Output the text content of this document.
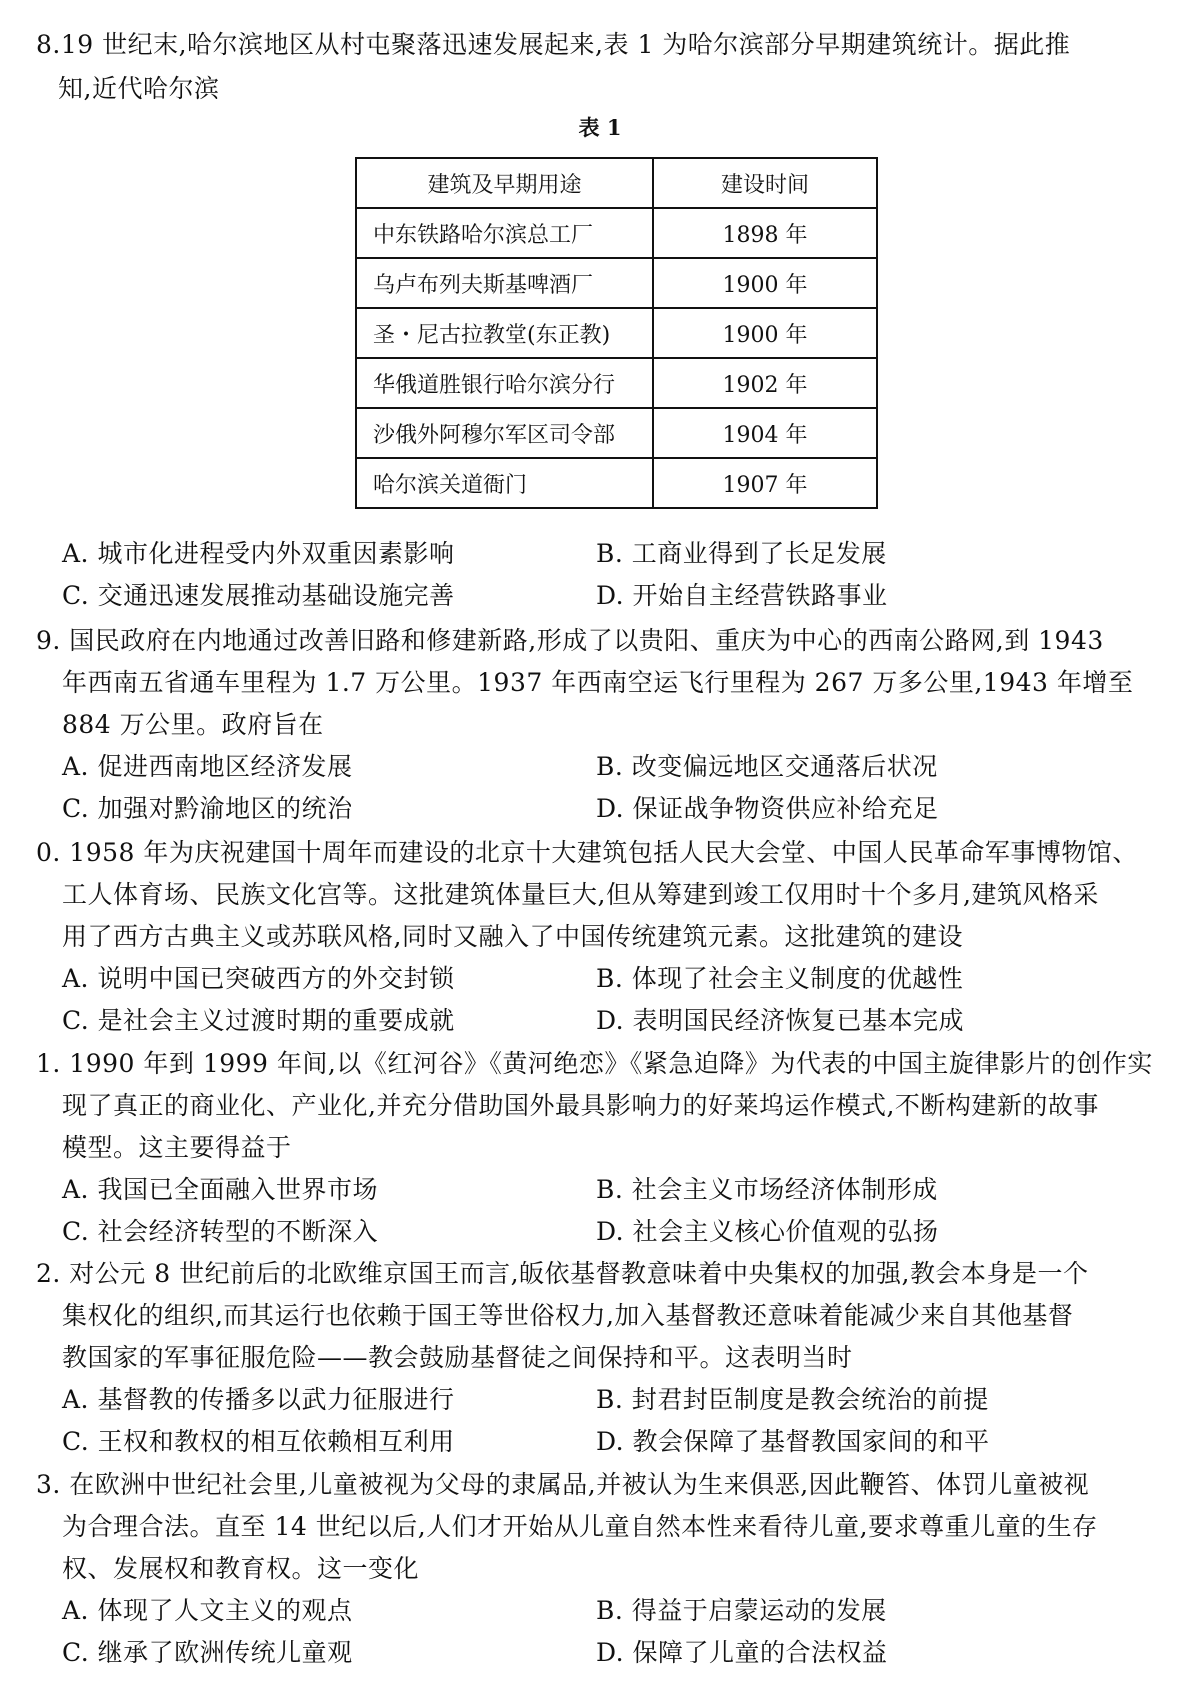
8.19 世纪末,哈尔滨地区从村屯聚落迅速发展起来,表 1 为哈尔滨部分早期建筑统计。据此推
知,近代哈尔滨
表 1
建筑及早期用途	建设时间
中东铁路哈尔滨总工厂	1898 年
乌卢布列夫斯基啤酒厂	1900 年
圣・尼古拉教堂(东正教)	1900 年
华俄道胜银行哈尔滨分行	1902 年
沙俄外阿穆尔军区司令部	1904 年
哈尔滨关道衙门	1907 年
A. 城市化进程受内外双重因素影响	B. 工商业得到了长足发展
C. 交通迅速发展推动基础设施完善	D. 开始自主经营铁路事业
9. 国民政府在内地通过改善旧路和修建新路,形成了以贵阳、重庆为中心的西南公路网,到 1943
年西南五省通车里程为 1.7 万公里。1937 年西南空运飞行里程为 267 万多公里,1943 年增至
884 万公里。政府旨在
A. 促进西南地区经济发展	B. 改变偏远地区交通落后状况
C. 加强对黔渝地区的统治	D. 保证战争物资供应补给充足
0. 1958 年为庆祝建国十周年而建设的北京十大建筑包括人民大会堂、中国人民革命军事博物馆、
工人体育场、民族文化宫等。这批建筑体量巨大,但从筹建到竣工仅用时十个多月,建筑风格采
用了西方古典主义或苏联风格,同时又融入了中国传统建筑元素。这批建筑的建设
A. 说明中国已突破西方的外交封锁	B. 体现了社会主义制度的优越性
C. 是社会主义过渡时期的重要成就	D. 表明国民经济恢复已基本完成
1. 1990 年到 1999 年间,以《红河谷》《黄河绝恋》《紧急迫降》为代表的中国主旋律影片的创作实
现了真正的商业化、产业化,并充分借助国外最具影响力的好莱坞运作模式,不断构建新的故事
模型。这主要得益于
A. 我国已全面融入世界市场	B. 社会主义市场经济体制形成
C. 社会经济转型的不断深入	D. 社会主义核心价值观的弘扬
2. 对公元 8 世纪前后的北欧维京国王而言,皈依基督教意味着中央集权的加强,教会本身是一个
集权化的组织,而其运行也依赖于国王等世俗权力,加入基督教还意味着能减少来自其他基督
教国家的军事征服危险——教会鼓励基督徒之间保持和平。这表明当时
A. 基督教的传播多以武力征服进行	B. 封君封臣制度是教会统治的前提
C. 王权和教权的相互依赖相互利用	D. 教会保障了基督教国家间的和平
3. 在欧洲中世纪社会里,儿童被视为父母的隶属品,并被认为生来俱恶,因此鞭笞、体罚儿童被视
为合理合法。直至 14 世纪以后,人们才开始从儿童自然本性来看待儿童,要求尊重儿童的生存
权、发展权和教育权。这一变化
A. 体现了人文主义的观点	B. 得益于启蒙运动的发展
C. 继承了欧洲传统儿童观	D. 保障了儿童的合法权益
